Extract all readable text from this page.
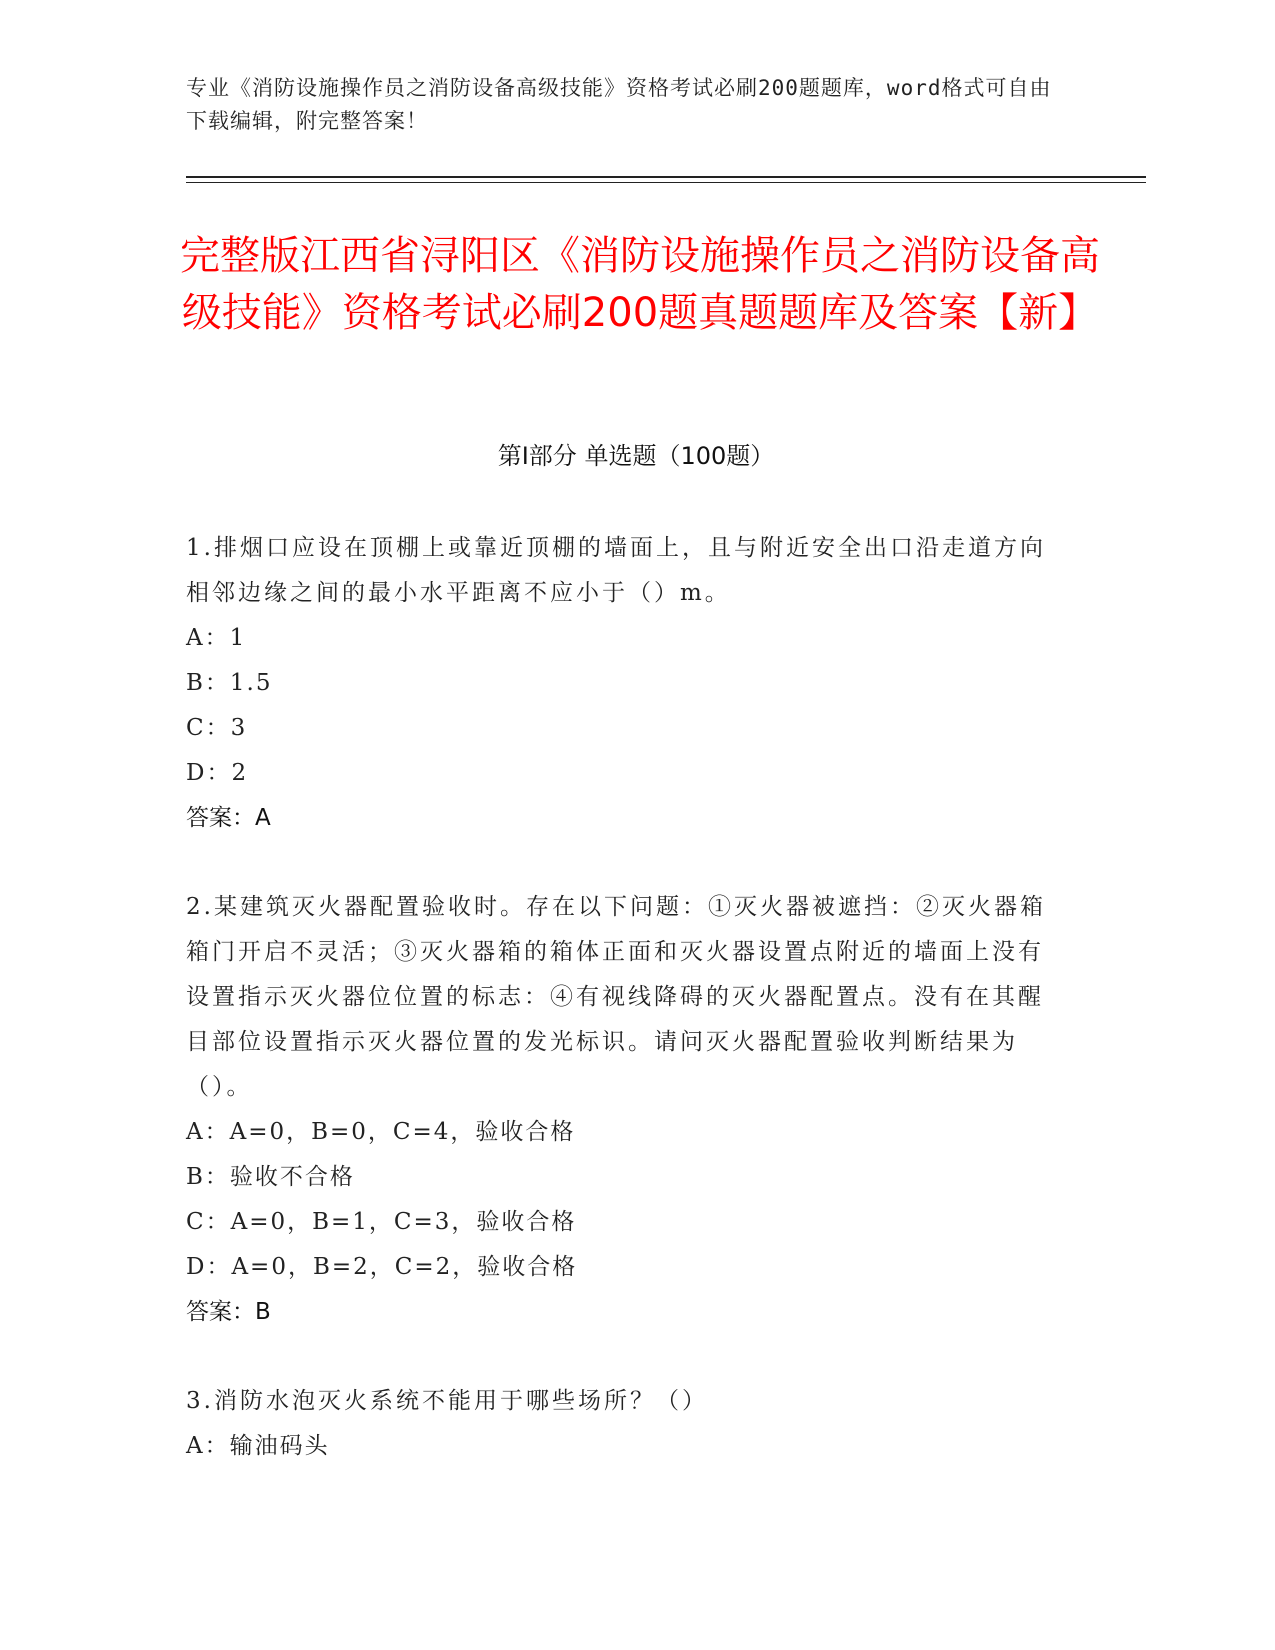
专业《消防设施操作员之消防设备高级技能》资格考试必刷200题题库，word格式可自由下载编辑，附完整答案！
完整版江西省浔阳区《消防设施操作员之消防设备高级技能》资格考试必刷200题真题题库及答案【新】
第Ⅰ部分 单选题（100题）
1.排烟口应设在顶棚上或靠近顶棚的墙面上，且与附近安全出口沿走道方向相邻边缘之间的最小水平距离不应小于（）m。
A：1
B：1.5
C：3
D：2
答案：A
2.某建筑灭火器配置验收时。存在以下问题：①灭火器被遮挡：②灭火器箱箱门开启不灵活；③灭火器箱的箱体正面和灭火器设置点附近的墙面上没有设置指示灭火器位位置的标志：④有视线降碍的灭火器配置点。没有在其醒目部位设置指示灭火器位置的发光标识。请问灭火器配置验收判断结果为（）。
A：A=0，B=0，C=4，验收合格
B：验收不合格
C：A=0，B=1，C=3，验收合格
D：A=0，B=2，C=2，验收合格
答案：B
3.消防水泡灭火系统不能用于哪些场所？（）
A：输油码头
